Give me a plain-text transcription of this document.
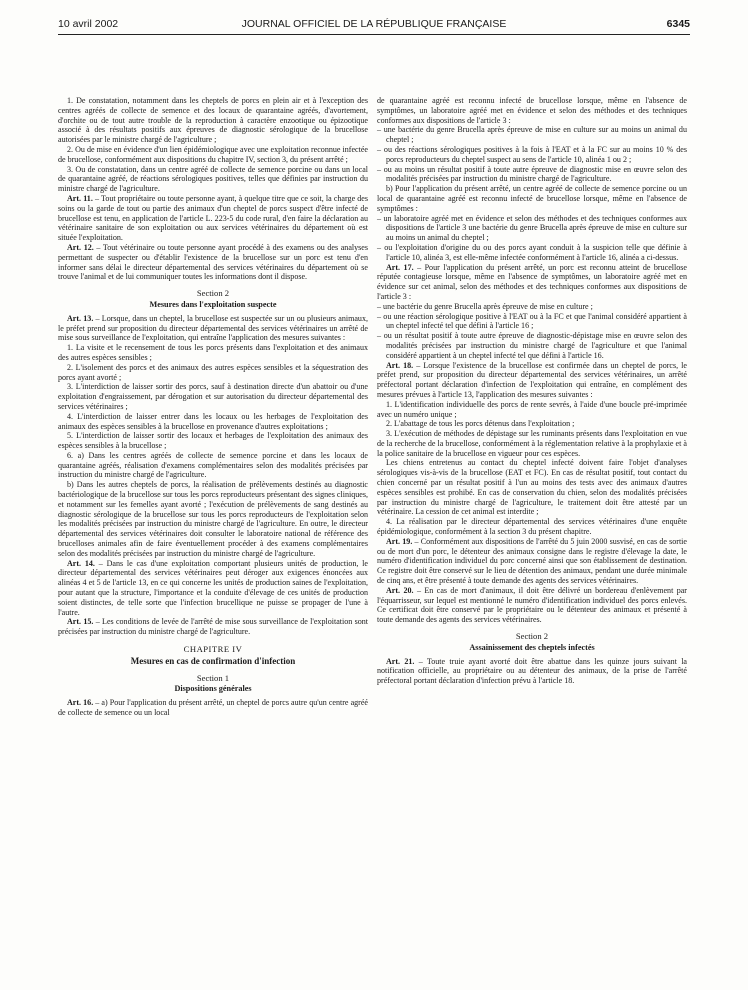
10 avril 2002	JOURNAL OFFICIEL DE LA RÉPUBLIQUE FRANÇAISE	6345

1. De constatation, notamment dans les cheptels de porcs en plein air et à l'exception des centres agréés de collecte de semence et des locaux de quarantaine agréés, d'avortement, d'orchite ou de tout autre trouble de la reproduction à caractère enzootique ou épizootique associé à des résultats positifs aux épreuves de diagnostic sérologique de la brucellose autorisées par le ministre chargé de l'agriculture ;

2. Ou de mise en évidence d'un lien épidémiologique avec une exploitation reconnue infectée de brucellose, conformément aux dispositions du chapitre IV, section 3, du présent arrêté ;

3. Ou de constatation, dans un centre agréé de collecte de semence porcine ou dans un local de quarantaine agréé, de réactions sérologiques positives, telles que définies par instruction du ministre chargé de l'agriculture.

Art. 11. – Tout propriétaire ou toute personne ayant, à quelque titre que ce soit, la charge des soins ou la garde de tout ou partie des animaux d'un cheptel de porcs suspect d'être infecté de brucellose est tenu, en application de l'article L. 223-5 du code rural, d'en faire la déclaration au vétérinaire sanitaire de son exploitation ou aux services vétérinaires du département où est située l'exploitation.

Art. 12. – Tout vétérinaire ou toute personne ayant procédé à des examens ou des analyses permettant de suspecter ou d'établir l'existence de la brucellose sur un porc est tenu d'en informer sans délai le directeur départemental des services vétérinaires du département où se trouve l'animal et de lui communiquer toutes les informations dont il dispose.

Section 2
Mesures dans l'exploitation suspecte

Art. 13. – Lorsque, dans un cheptel, la brucellose est suspectée sur un ou plusieurs animaux, le préfet prend sur proposition du directeur départemental des services vétérinaires un arrêté de mise sous surveillance de l'exploitation, qui entraîne l'application des mesures suivantes :

1. La visite et le recensement de tous les porcs présents dans l'exploitation et des animaux des autres espèces sensibles ;

2. L'isolement des porcs et des animaux des autres espèces sensibles et la séquestration des porcs ayant avorté ;

3. L'interdiction de laisser sortir des porcs, sauf à destination directe d'un abattoir ou d'une exploitation d'engraissement, par dérogation et sur autorisation du directeur départemental des services vétérinaires ;

4. L'interdiction de laisser entrer dans les locaux ou les herbages de l'exploitation des animaux des espèces sensibles à la brucellose en provenance d'autres exploitations ;

5. L'interdiction de laisser sortir des locaux et herbages de l'exploitation des animaux des espèces sensibles à la brucellose ;

6. a) Dans les centres agréés de collecte de semence porcine et dans les locaux de quarantaine agréés, réalisation d'examens complémentaires selon des modalités précisées par instruction du ministre chargé de l'agriculture.

b) Dans les autres cheptels de porcs, la réalisation de prélèvements destinés au diagnostic bactériologique de la brucellose sur tous les porcs reproducteurs présentant des signes cliniques, et notamment sur les femelles ayant avorté ; l'exécution de prélèvements de sang destinés au diagnostic sérologique de la brucellose sur tous les porcs reproducteurs de l'exploitation selon les modalités précisées par instruction du ministre chargé de l'agriculture. En outre, le directeur départemental des services vétérinaires doit consulter le laboratoire national de référence des brucelloses animales afin de faire éventuellement procéder à des examens complémentaires selon des modalités précisées par instruction du ministre chargé de l'agriculture.

Art. 14. – Dans le cas d'une exploitation comportant plusieurs unités de production, le directeur départemental des services vétérinaires peut déroger aux exigences énoncées aux alinéas 4 et 5 de l'article 13, en ce qui concerne les unités de production saines de l'exploitation, pour autant que la structure, l'importance et la conduite d'élevage de ces unités de production soient distinctes, de telle sorte que l'infection brucellique ne puisse se propager de l'une à l'autre.

Art. 15. – Les conditions de levée de l'arrêté de mise sous surveillance de l'exploitation sont précisées par instruction du ministre chargé de l'agriculture.

CHAPITRE IV
Mesures en cas de confirmation d'infection
Section 1
Dispositions générales

Art. 16. – a) Pour l'application du présent arrêté, un cheptel de porcs autre qu'un centre agréé de collecte de semence ou un local

de quarantaine agréé est reconnu infecté de brucellose lorsque, même en l'absence de symptômes, un laboratoire agréé met en évidence et selon des méthodes et des techniques conformes aux dispositions de l'article 3 :

– une bactérie du genre Brucella après épreuve de mise en culture sur au moins un animal du cheptel ;
– ou des réactions sérologiques positives à la fois à l'EAT et à la FC sur au moins 10 % des porcs reproducteurs du cheptel suspect au sens de l'article 10, alinéa 1 ou 2 ;
– ou au moins un résultat positif à toute autre épreuve de diagnostic mise en œuvre selon des modalités précisées par instruction du ministre chargé de l'agriculture.

b) Pour l'application du présent arrêté, un centre agréé de collecte de semence porcine ou un local de quarantaine agréé est reconnu infecté de brucellose lorsque, même en l'absence de symptômes :

– un laboratoire agréé met en évidence et selon des méthodes et des techniques conformes aux dispositions de l'article 3 une bactérie du genre Brucella après épreuve de mise en culture sur au moins un animal du cheptel ;
– ou l'exploitation d'origine du ou des porcs ayant conduit à la suspicion telle que définie à l'article 10, alinéa 3, est elle-même infectée conformément à l'article 16, alinéa a ci-dessus.

Art. 17. – Pour l'application du présent arrêté, un porc est reconnu atteint de brucellose réputée contagieuse lorsque, même en l'absence de symptômes, un laboratoire agréé met en évidence sur cet animal, selon des méthodes et des techniques conformes aux dispositions de l'article 3 :

– une bactérie du genre Brucella après épreuve de mise en culture ;
– ou une réaction sérologique positive à l'EAT ou à la FC et que l'animal considéré appartient à un cheptel infecté tel que défini à l'article 16 ;
– ou un résultat positif à toute autre épreuve de diagnostic-dépistage mise en œuvre selon des modalités précisées par instruction du ministre chargé de l'agriculture et que l'animal considéré appartient à un cheptel infecté tel que défini à l'article 16.

Art. 18. – Lorsque l'existence de la brucellose est confirmée dans un cheptel de porcs, le préfet prend, sur proposition du directeur départemental des services vétérinaires, un arrêté préfectoral portant déclaration d'infection de l'exploitation qui entraîne, en complément des mesures prévues à l'article 13, l'application des mesures suivantes :

1. L'identification individuelle des porcs de rente sevrés, à l'aide d'une boucle pré-imprimée avec un numéro unique ;

2. L'abattage de tous les porcs détenus dans l'exploitation ;

3. L'exécution de méthodes de dépistage sur les ruminants présents dans l'exploitation en vue de la recherche de la brucellose, conformément à la réglementation relative à la prophylaxie et à la police sanitaire de la brucellose en vigueur pour ces espèces.

Les chiens entretenus au contact du cheptel infecté doivent faire l'objet d'analyses sérologiques vis-à-vis de la brucellose (EAT et FC). En cas de résultat positif, tout contact du chien concerné par un résultat positif à l'un au moins des tests avec des animaux d'autres espèces sensibles est prohibé. En cas de conservation du chien, selon des modalités précisées par instruction du ministre chargé de l'agriculture, le traitement doit être attesté par un vétérinaire. La cession de cet animal est interdite ;

4. La réalisation par le directeur départemental des services vétérinaires d'une enquête épidémiologique, conformément à la section 3 du présent chapitre.

Art. 19. – Conformément aux dispositions de l'arrêté du 5 juin 2000 susvisé, en cas de sortie ou de mort d'un porc, le détenteur des animaux consigne dans le registre d'élevage la date, le numéro d'identification individuel du porc concerné ainsi que son établissement de destination. Ce registre doit être conservé sur le lieu de détention des animaux, pendant une durée minimale de cinq ans, et être présenté à toute demande des agents des services vétérinaires.

Art. 20. – En cas de mort d'animaux, il doit être délivré un bordereau d'enlèvement par l'équarrisseur, sur lequel est mentionné le numéro d'identification individuel des porcs enlevés. Ce certificat doit être conservé par le propriétaire ou le détenteur des animaux et présenté à toute demande des agents des services vétérinaires.

Section 2
Assainissement des cheptels infectés

Art. 21. – Toute truie ayant avorté doit être abattue dans les quinze jours suivant la notification officielle, au propriétaire ou au détenteur des animaux, de la prise de l'arrêté préfectoral portant déclaration d'infection prévu à l'article 18.
